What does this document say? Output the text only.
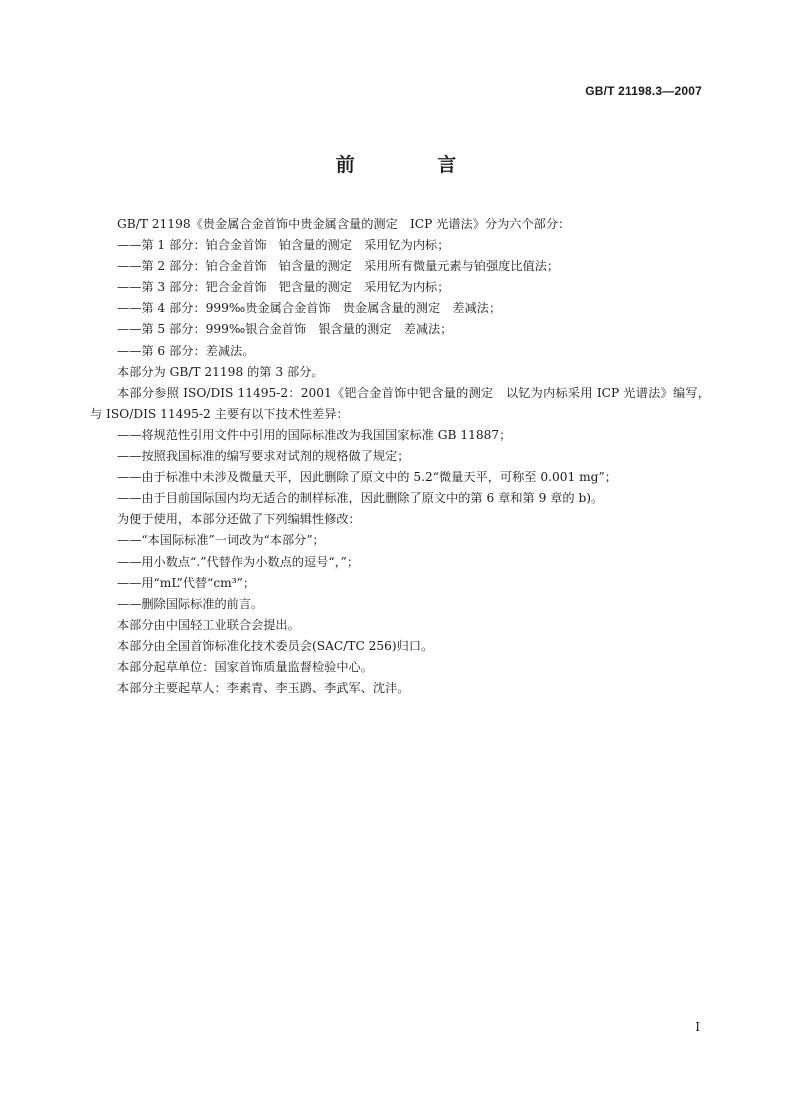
GB/T 21198.3—2007
前 言

GB/T 21198《贵金属合金首饰中贵金属含量的测定　ICP 光谱法》分为六个部分：

——第 1 部分：铂合金首饰　铂含量的测定　采用钇为内标；

——第 2 部分：铂合金首饰　铂含量的测定　采用所有微量元素与铂强度比值法；

——第 3 部分：钯合金首饰　钯含量的测定　采用钇为内标；

——第 4 部分：999‰贵金属合金首饰　贵金属含量的测定　差减法；

——第 5 部分：999‰银合金首饰　银含量的测定　差减法；

——第 6 部分：差减法。

本部分为 GB/T 21198 的第 3 部分。

本部分参照 ISO/DIS 11495-2：2001《钯合金首饰中钯含量的测定　以钇为内标采用 ICP 光谱法》编写，与 ISO/DIS 11495-2 主要有以下技术性差异：

——将规范性引用文件中引用的国际标准改为我国国家标准 GB 11887；

——按照我国标准的编写要求对试剂的规格做了规定；

——由于标准中未涉及微量天平，因此删除了原文中的 5.2“微量天平，可称至 0.001 mg”；

——由于目前国际国内均无适合的制样标准，因此删除了原文中的第 6 章和第 9 章的 b)。

为便于使用，本部分还做了下列编辑性修改：

——“本国际标准”一词改为“本部分”；

——用小数点“.”代替作为小数点的逗号“，”；

——用“mL”代替“cm³”；

——删除国际标准的前言。

本部分由中国轻工业联合会提出。

本部分由全国首饰标准化技术委员会(SAC/TC 256)归口。

本部分起草单位：国家首饰质量监督检验中心。

本部分主要起草人：李素青、李玉鹍、李武军、沈沣。

I
